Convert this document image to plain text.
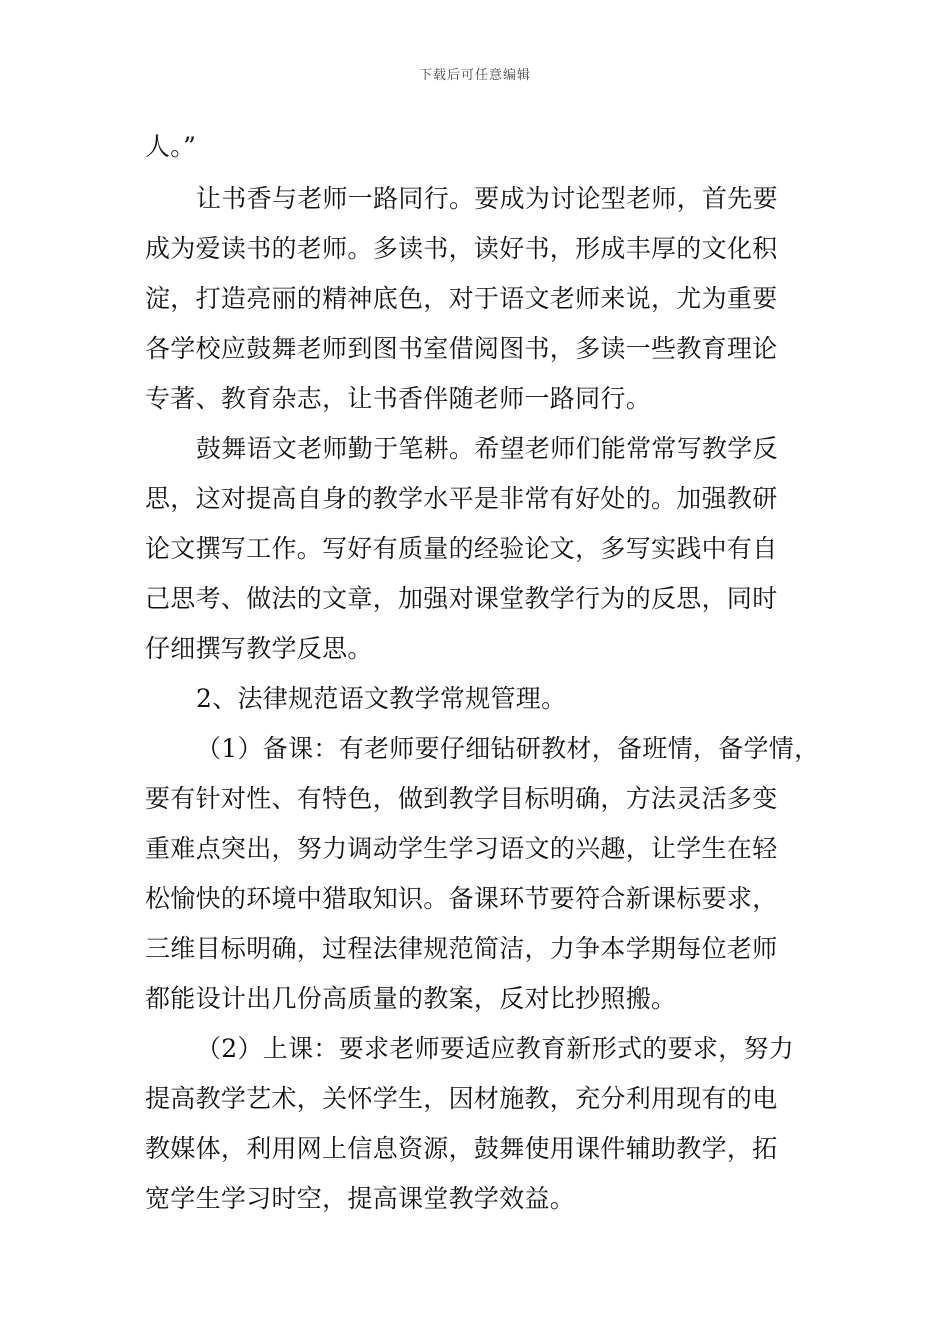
下载后可任意编辑
人。”
让书香与老师一路同行。要成为讨论型老师，首先要
成为爱读书的老师。多读书，读好书，形成丰厚的文化积
淀，打造亮丽的精神底色，对于语文老师来说，尤为重要
各学校应鼓舞老师到图书室借阅图书，多读一些教育理论
专著、教育杂志，让书香伴随老师一路同行。
鼓舞语文老师勤于笔耕。希望老师们能常常写教学反
思，这对提高自身的教学水平是非常有好处的。加强教研
论文撰写工作。写好有质量的经验论文，多写实践中有自
己思考、做法的文章，加强对课堂教学行为的反思，同时
仔细撰写教学反思。
2、法律规范语文教学常规管理。
（1）备课：有老师要仔细钻研教材，备班情，备学情，
要有针对性、有特色，做到教学目标明确，方法灵活多变
重难点突出，努力调动学生学习语文的兴趣，让学生在轻
松愉快的环境中猎取知识。备课环节要符合新课标要求，
三维目标明确，过程法律规范简洁，力争本学期每位老师
都能设计出几份高质量的教案，反对比抄照搬。
（2）上课：要求老师要适应教育新形式的要求，努力
提高教学艺术，关怀学生，因材施教，充分利用现有的电
教媒体，利用网上信息资源，鼓舞使用课件辅助教学，拓
宽学生学习时空，提高课堂教学效益。
